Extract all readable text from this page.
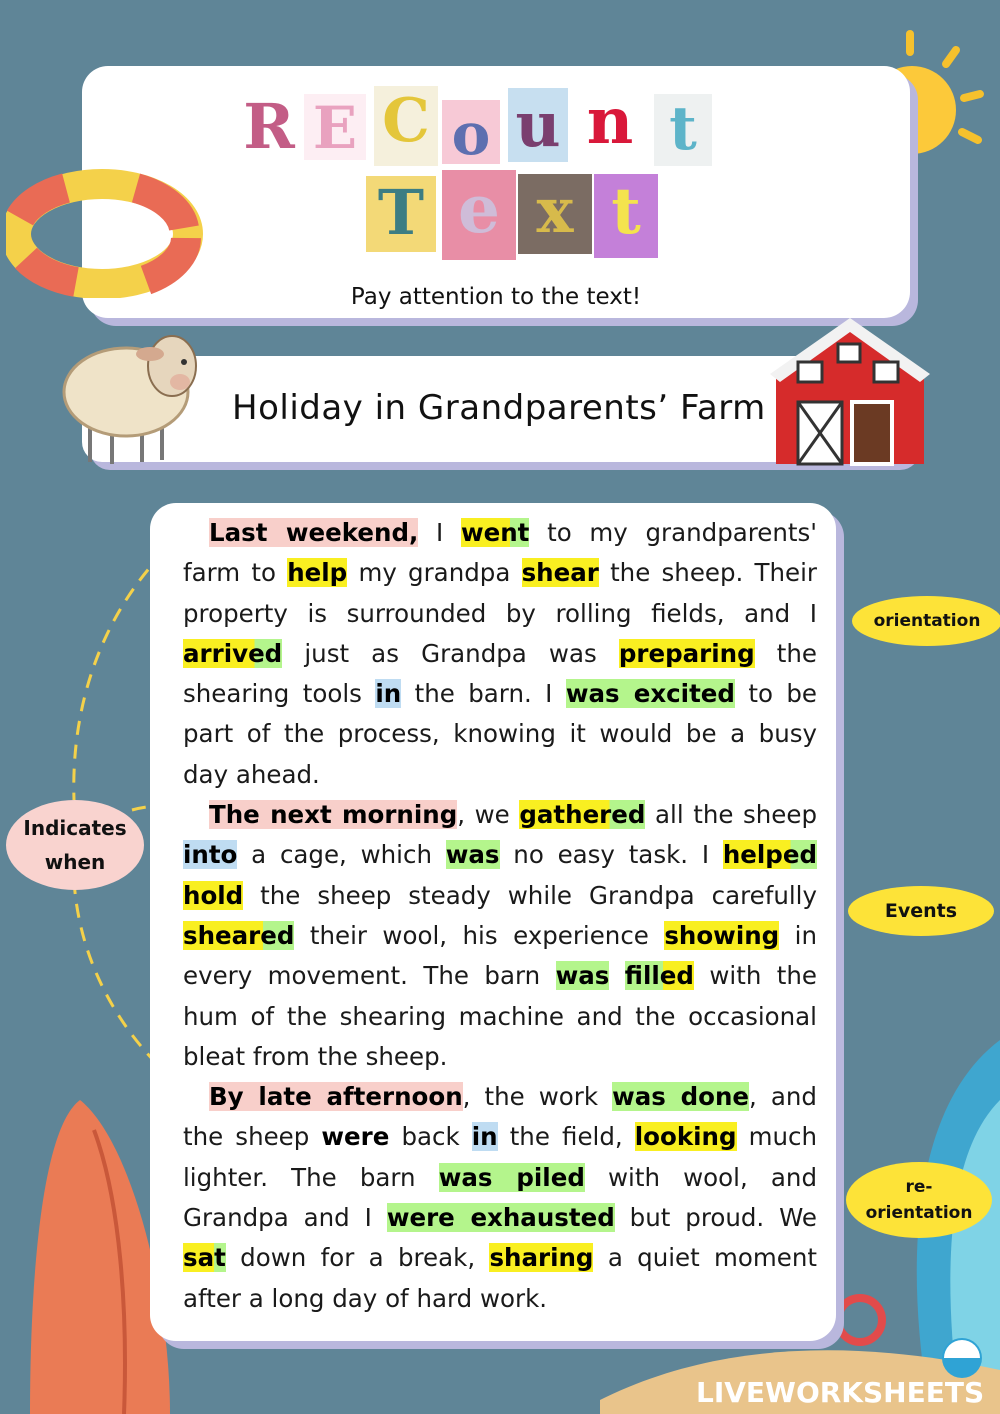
R E C o u n t
T e x t
Pay attention to the text!
Holiday in Grandparents’ Farm

Last weekend, I went to my grandparents' farm to help my grandpa shear the sheep. Their property is surrounded by rolling fields, and I arrived just as Grandpa was preparing the shearing tools in the barn. I was excited to be part of the process, knowing it would be a busy day ahead.

The next morning, we gathered all the sheep into a cage, which was no easy task. I helped hold the sheep steady while Grandpa carefully sheared their wool, his experience showing in every movement. The barn was filled with the hum of the shearing machine and the occasional bleat from the sheep.

By late afternoon, the work was done, and the sheep were back in the field, looking much lighter. The barn was piled with wool, and Grandpa and I were exhausted but proud. We sat down for a break, sharing a quiet moment after a long day of hard work.

orientation
Events
re-orientation
Indicates when
LIVEWORKSHEETS
